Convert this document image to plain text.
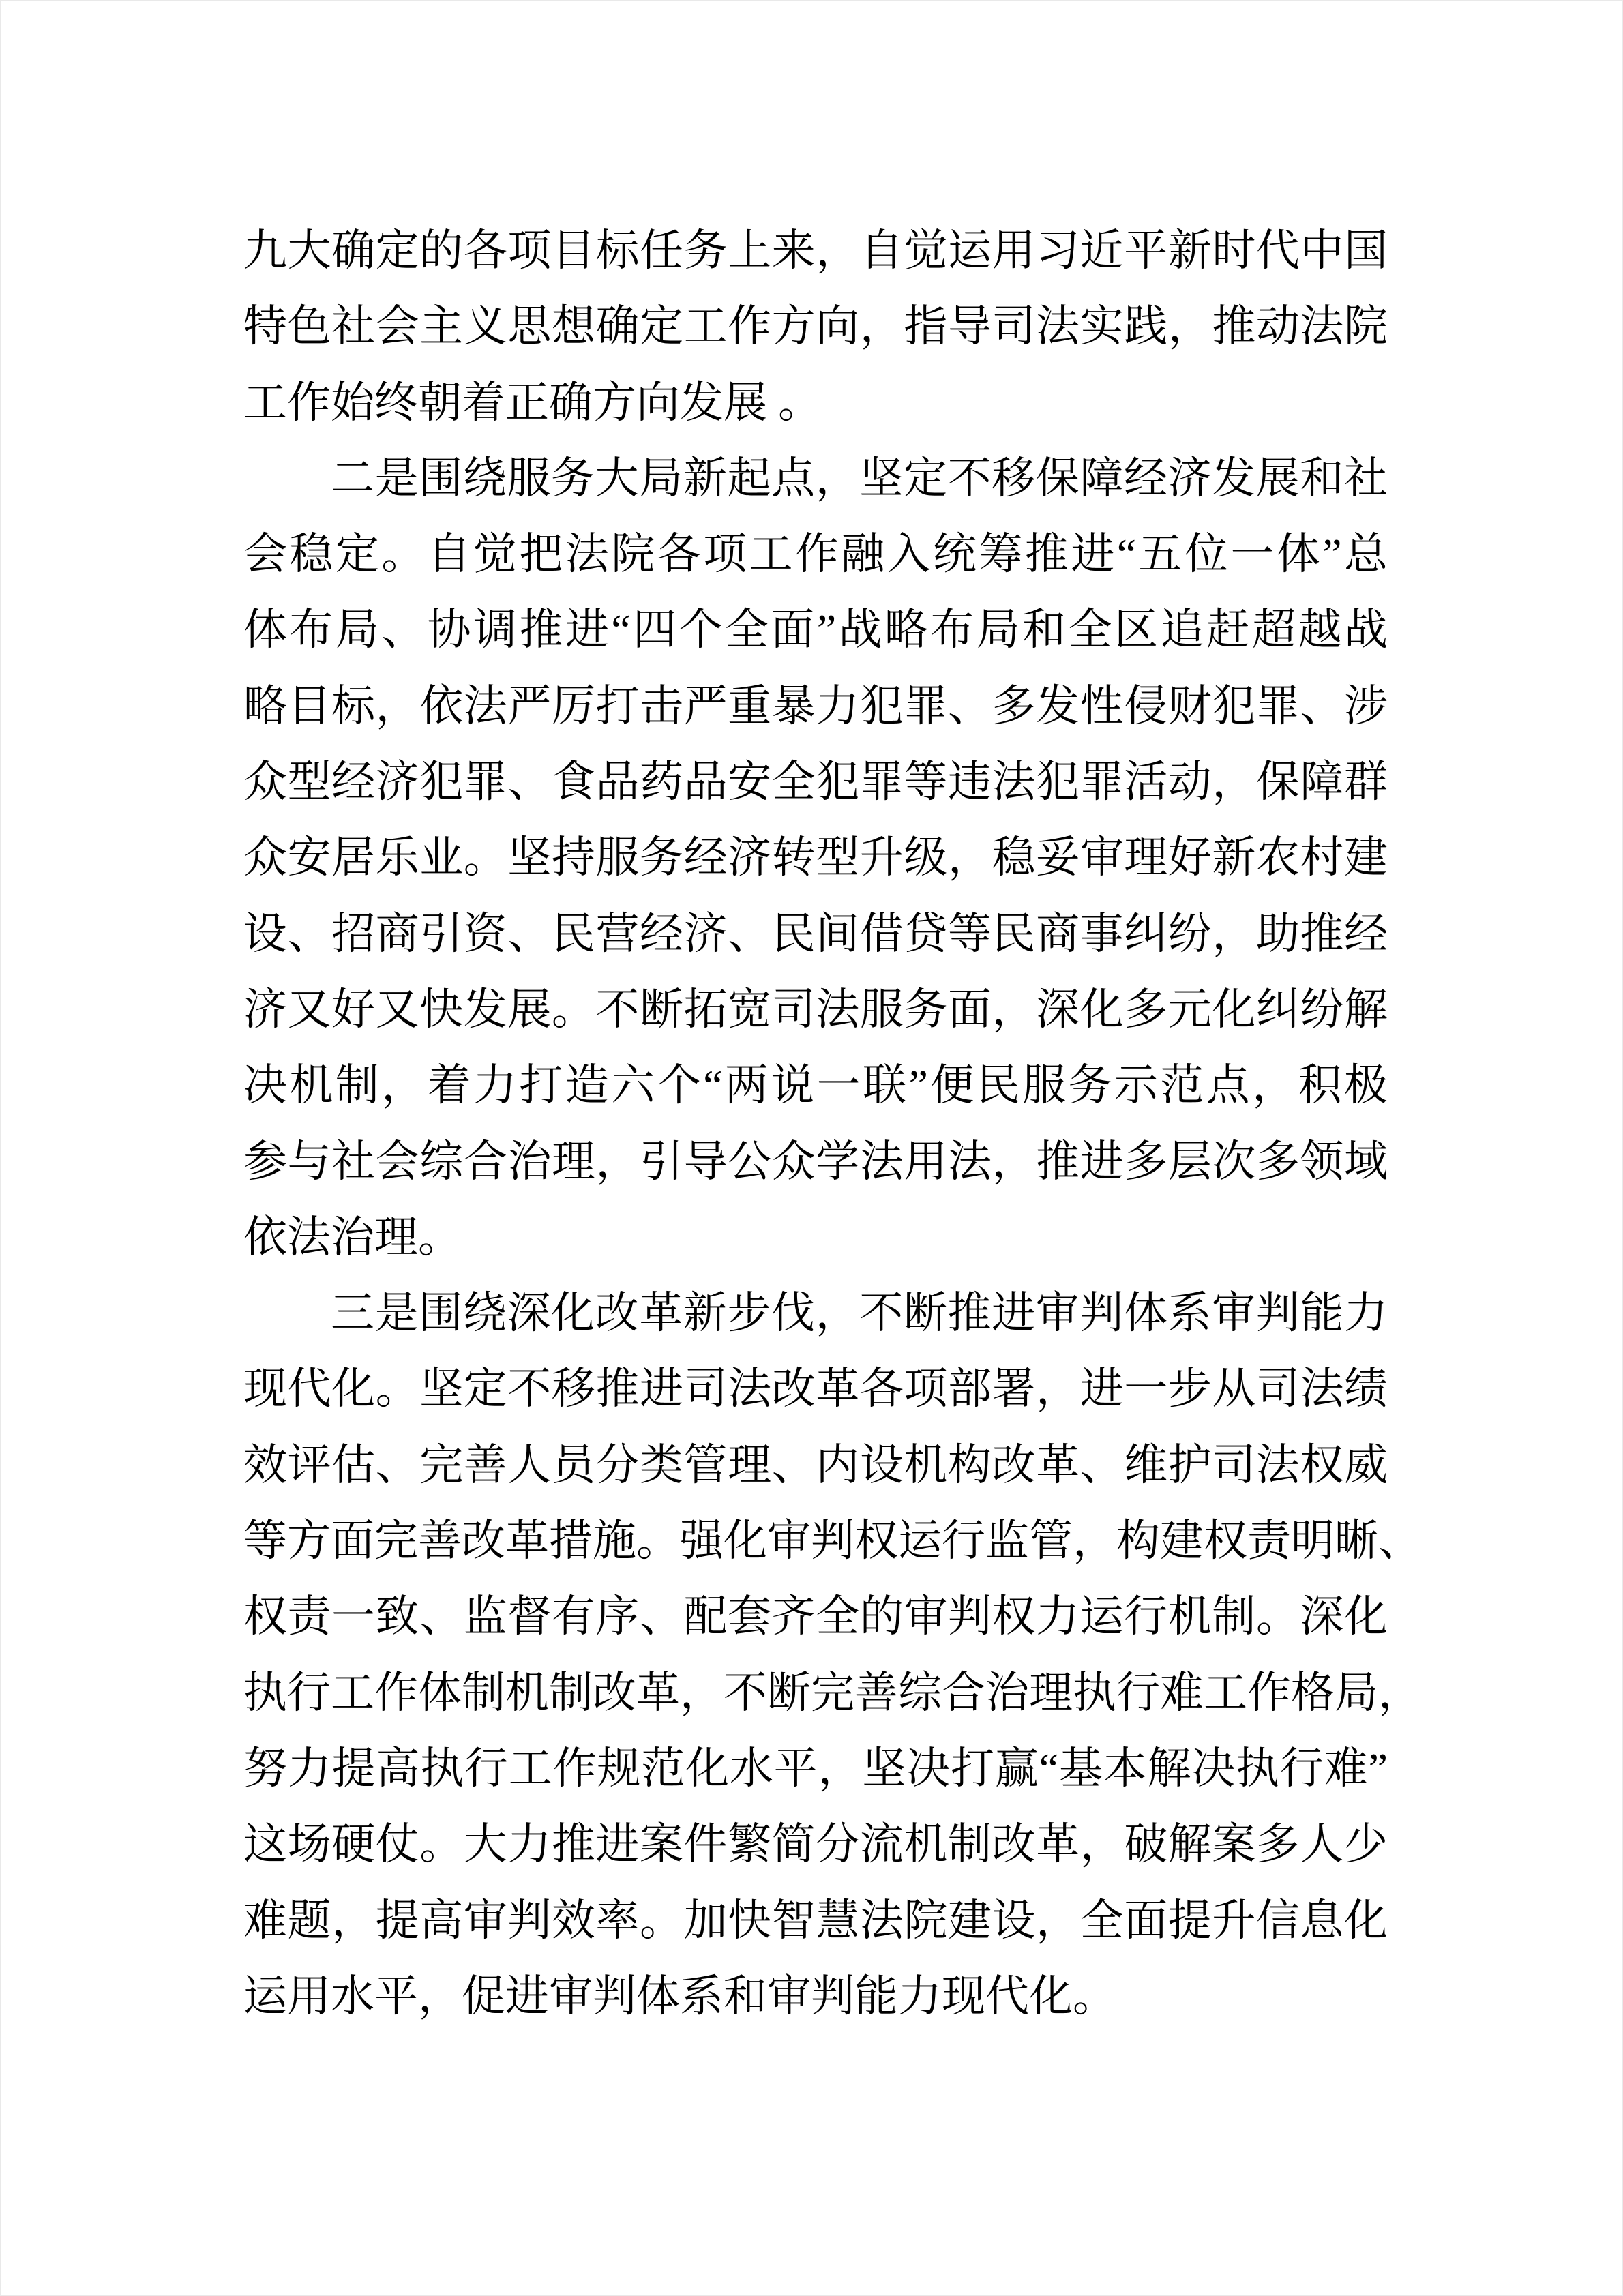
九大确定的各项目标任务上来，自觉运用习近平新时代中国
特色社会主义思想确定工作方向，指导司法实践，推动法院
工作始终朝着正确方向发展 。
二是围绕服务大局新起点，坚定不移保障经济发展和社
会稳定。自觉把法院各项工作融入统筹推进“五位一体”总
体布局、协调推进“四个全面”战略布局和全区追赶超越战
略目标，依法严厉打击严重暴力犯罪、多发性侵财犯罪、涉
众型经济犯罪、食品药品安全犯罪等违法犯罪活动，保障群
众安居乐业。坚持服务经济转型升级，稳妥审理好新农村建
设、招商引资、民营经济、民间借贷等民商事纠纷，助推经
济又好又快发展。不断拓宽司法服务面，深化多元化纠纷解
决机制，着力打造六个“两说一联”便民服务示范点，积极
参与社会综合治理，引导公众学法用法，推进多层次多领域
依法治理。
三是围绕深化改革新步伐，不断推进审判体系审判能力
现代化。坚定不移推进司法改革各项部署，进一步从司法绩
效评估、完善人员分类管理、内设机构改革、维护司法权威
等方面完善改革措施。强化审判权运行监管，构建权责明晰、
权责一致、监督有序、配套齐全的审判权力运行机制。深化
执行工作体制机制改革，不断完善综合治理执行难工作格局，
努力提高执行工作规范化水平，坚决打赢“基本解决执行难”
这场硬仗。大力推进案件繁简分流机制改革，破解案多人少
难题，提高审判效率。加快智慧法院建设，全面提升信息化
运用水平，促进审判体系和审判能力现代化。
